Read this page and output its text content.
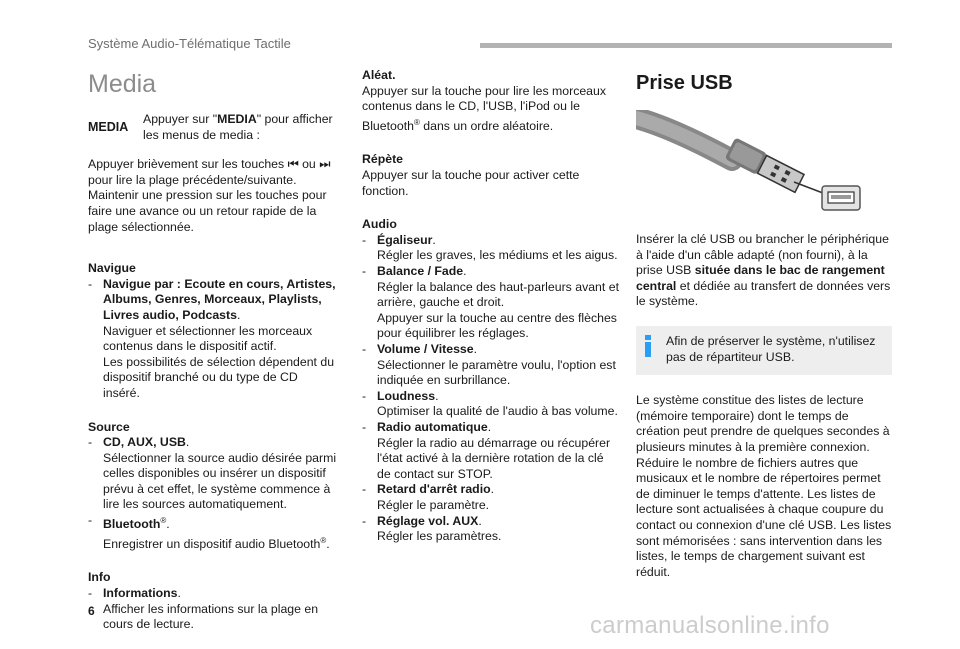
Système Audio-Télématique Tactile
Media
MEDIA
Appuyer sur "MEDIA" pour afficher les menus de media :

Appuyer brièvement sur les touches ⏮ ou ⏭ pour lire la plage précédente/suivante. Maintenir une pression sur les touches pour faire une avance ou un retour rapide de la plage sélectionnée.

Navigue
- Navigue par : Ecoute en cours, Artistes, Albums, Genres, Morceaux, Playlists, Livres audio, Podcasts.
Naviguer et sélectionner les morceaux contenus dans le dispositif actif.
Les possibilités de sélection dépendent du dispositif branché ou du type de CD inséré.
Source
- CD, AUX, USB.
Sélectionner la source audio désirée parmi celles disponibles ou insérer un dispositif prévu à cet effet, le système commence à lire les sources automatiquement.
- Bluetooth®.
Enregistrer un dispositif audio Bluetooth®.
Info
- Informations.
Afficher les informations sur la plage en cours de lecture.
Aléat.
Appuyer sur la touche pour lire les morceaux contenus dans le CD, l'USB, l'iPod ou le Bluetooth® dans un ordre aléatoire.
Répète
Appuyer sur la touche pour activer cette fonction.
Audio
- Égaliseur.
Régler les graves, les médiums et les aigus.
- Balance / Fade.
Régler la balance des haut-parleurs avant et arrière, gauche et droit.
Appuyer sur la touche au centre des flèches pour équilibrer les réglages.
- Volume / Vitesse.
Sélectionner le paramètre voulu, l'option est indiquée en surbrillance.
- Loudness.
Optimiser la qualité de l'audio à bas volume.
- Radio automatique.
Régler la radio au démarrage ou récupérer l'état activé à la dernière rotation de la clé de contact sur STOP.
- Retard d'arrêt radio.
Régler le paramètre.
- Réglage vol. AUX.
Régler les paramètres.
Prise USB

Insérer la clé USB ou brancher le périphérique à l'aide d'un câble adapté (non fourni), à la prise USB située dans le bac de rangement central et dédiée au transfert de données vers le système.

Afin de préserver le système, n'utilisez pas de répartiteur USB.

Le système constitue des listes de lecture (mémoire temporaire) dont le temps de création peut prendre de quelques secondes à plusieurs minutes à la première connexion. Réduire le nombre de fichiers autres que musicaux et le nombre de répertoires permet de diminuer le temps d'attente. Les listes de lecture sont actualisées à chaque coupure du contact ou connexion d'une clé USB. Les listes sont mémorisées : sans intervention dans les listes, le temps de chargement suivant est réduit.

6
carmanualsonline.info
